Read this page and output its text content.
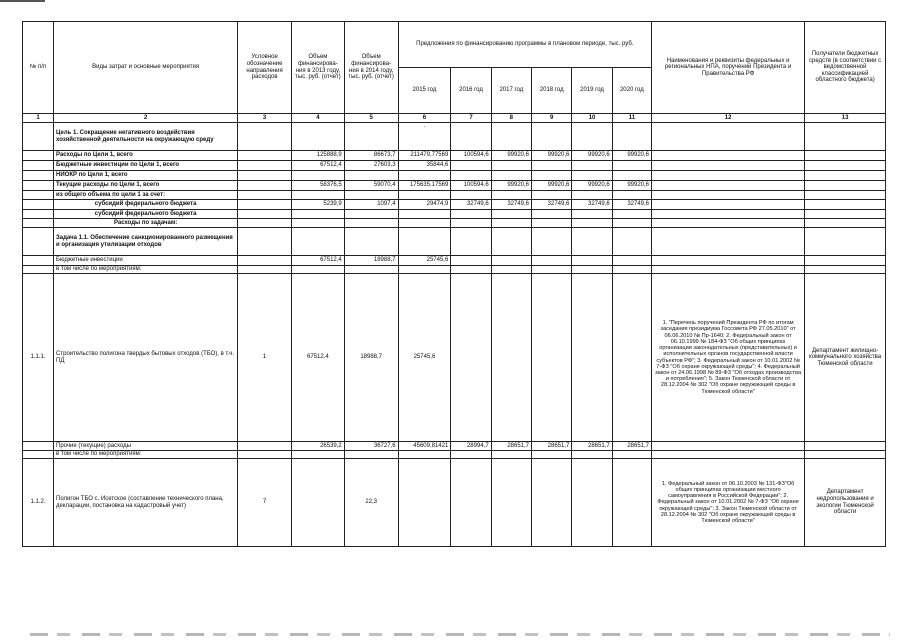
№ п/п	Виды затрат и основные мероприятия	Условное обозначение направления расходов	Объем финансирова-ния в 2013 году, тыс. руб. (отчет)	Объем финансирова-ния в 2014 году, тыс. руб. (отчет)	Предложения по финансированию программы в плановом периоде, тыс. руб.						Наименования и реквизиты федеральных и региональных НПА, поручений Президента и Правительства РФ	Получатели бюджетных средств (в соответствии с ведомственной классификацией областного бюджета)
					2015 год	2016 год	2017 год	2018 год	2019 год	2020 год		
1	2	3	4	5	6	7	8	9	10	11	12	13
	Цель 1. Сокращение негативного воздействия хозяйственной деятельности на окружающую среду				.							
	Расходы по Цели 1, всего		125888,9	86673,7	211479,77569	100594,6	99920,6	99920,6	99920,6	99920,6		
	Бюджетные инвестиции по Цели 1, всего		67512,4	27603,3	35844,6							
	НИОКР по Цели 1, всего											
	Текущие расходы по Цели 1, всего		58376,5	59070,4	175635,17569	100594,6	99920,6	99920,6	99920,6	99920,6		
	из общего объема по цели 1 за счет:											
	субсидий федерального бюджета		5239,9	1097,4	29474,9	32749,6	32749,6	32749,6	32749,6	32749,6		
	субсидий федерального бюджета											
	Расходы по задачам:											
	Задача 1.1. Обеспечение санкционированного размещения и организация утилизации отходов											
	Бюджетные инвестиции		67512,4	18988,7	25745,6							
	в том числе по мероприятиям:											
1.1.1.	Строительство полигона твердых бытовых отходов (ТБО), в т.ч. ПД	1	67512,4	18988,7	25745,6						1. "Перечень поручений Президента РФ по итогам заседания президиума Госсовета РФ 27.05.2010" от 06.06.2010 № Пр-1640; 2. Федеральный закон от 06.10.1999 № 184-ФЗ "Об общих принципах организации законодательных (представительных) и исполнительных органов государственной власти субъектов РФ"; 3. Федеральный закон от 10.01.2002 № 7-ФЗ "Об охране окружающей среды"; 4. Федеральный закон от 24.06.1998 № 89-ФЗ "Об отходах производства и потребления"; 5. Закон Тюменской области от 28.12.2004 № 302 "Об охране окружающей среды в Тюменской области"	Департамент жилищно-коммунального хозяйства Тюменской области
	Прочие (текущие) расходы		26539,2	36727,6	45609,81421	28994,7	28651,7	28651,7	28651,7	28651,7		
	в том числе по мероприятиям:											
1.1.2.	Полигон ТБО с. Исетское (составление технического плана, декларации, постановка на кадастровый учет)	7		22,3							1. Федеральный закон от 06.10.2003 № 131-ФЗ"Об общих принципах организации местного самоуправления в Российской Федерации"; 2. Федеральный закон от 10.01.2002 № 7-ФЗ "Об охране окружающей среды"; 3. Закон Тюменской области от 28.12.2004 № 302 "Об охране окружающей среды в Тюменской области"	Департамент недропользования и экологии Тюменской области
